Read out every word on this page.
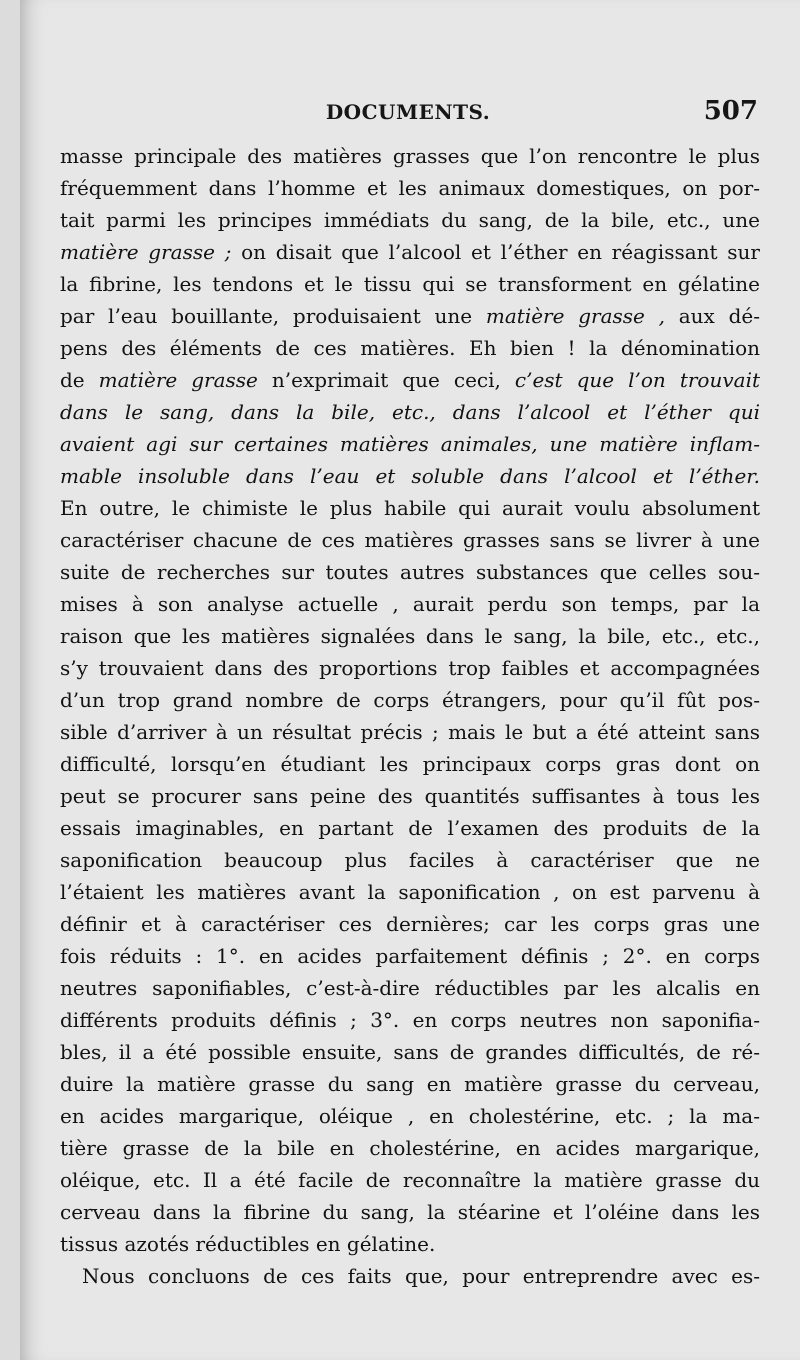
DOCUMENTS.	507
masse principale des matières grasses que l’on rencontre le plus
fréquemment dans l’homme et les animaux domestiques, on por-
tait parmi les principes immédiats du sang, de la bile, etc., une
matière grasse ; on disait que l’alcool et l’éther en réagissant sur
la fibrine, les tendons et le tissu qui se transforment en gélatine
par l’eau bouillante, produisaient une matière grasse , aux dé-
pens des éléments de ces matières. Eh bien ! la dénomination
de matière grasse n’exprimait que ceci, c’est que l’on trouvait
dans le sang, dans la bile, etc., dans l’alcool et l’éther qui
avaient agi sur certaines matières animales, une matière inflam-
mable insoluble dans l’eau et soluble dans l’alcool et l’éther.
En outre, le chimiste le plus habile qui aurait voulu absolument
caractériser chacune de ces matières grasses sans se livrer à une
suite de recherches sur toutes autres substances que celles sou-
mises à son analyse actuelle , aurait perdu son temps, par la
raison que les matières signalées dans le sang, la bile, etc., etc.,
s’y trouvaient dans des proportions trop faibles et accompagnées
d’un trop grand nombre de corps étrangers, pour qu’il fût pos-
sible d’arriver à un résultat précis ; mais le but a été atteint sans
difficulté, lorsqu’en étudiant les principaux corps gras dont on
peut se procurer sans peine des quantités suffisantes à tous les
essais imaginables, en partant de l’examen des produits de la
saponification beaucoup plus faciles à caractériser que ne
l’étaient les matières avant la saponification , on est parvenu à
définir et à caractériser ces dernières; car les corps gras une
fois réduits : 1°. en acides parfaitement définis ; 2°. en corps
neutres saponifiables, c’est-à-dire réductibles par les alcalis en
différents produits définis ; 3°. en corps neutres non saponifia-
bles, il a été possible ensuite, sans de grandes difficultés, de ré-
duire la matière grasse du sang en matière grasse du cerveau,
en acides margarique, oléique , en cholestérine, etc. ; la ma-
tière grasse de la bile en cholestérine, en acides margarique,
oléique, etc. Il a été facile de reconnaître la matière grasse du
cerveau dans la fibrine du sang, la stéarine et l’oléine dans les
tissus azotés réductibles en gélatine.
Nous concluons de ces faits que, pour entreprendre avec es-
